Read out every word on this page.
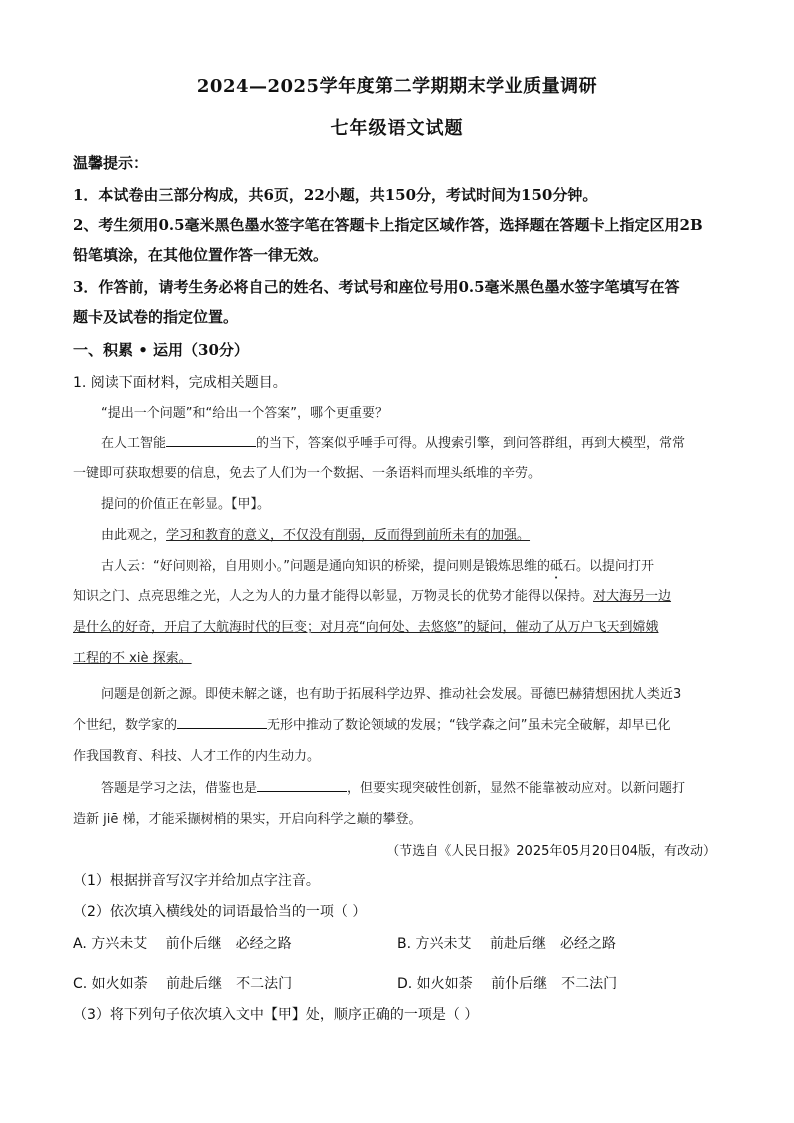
2024—2025学年度第二学期期末学业质量调研
七年级语文试题
温馨提示：
1．本试卷由三部分构成，共6页，22小题，共150分，考试时间为150分钟。
2、考生须用0.5毫米黑色墨水签字笔在答题卡上指定区域作答，选择题在答题卡上指定区用2B
铅笔填涂，在其他位置作答一律无效。
3．作答前，请考生务必将自己的姓名、考试号和座位号用0.5毫米黑色墨水签字笔填写在答
题卡及试卷的指定位置。
一、积累 • 运用（30分）
1. 阅读下面材料，完成相关题目。
“提出一个问题”和“给出一个答案”，哪个更重要？
在人工智能	的当下，答案似乎唾手可得。从搜索引擎，到问答群组，再到大模型，常常
一键即可获取想要的信息，免去了人们为一个数据、一条语料而埋头纸堆的辛劳。
提问的价值正在彰显。【甲】。
由此观之，学习和教育的意义，不仅没有削弱，反而得到前所未有的加强。
古人云：“好问则裕，自用则小。”问题是通向知识的桥梁，提问则是锻炼思维的砥石。以提问打开
知识之门、点亮思维之光，人之为人的力量才能得以彰显，万物灵长的优势才能得以保持。对大海另一边
是什么的好奇，开启了大航海时代的巨变；对月亮“向何处、去悠悠”的疑问，催动了从万户飞天到嫦娥
工程的不 xiè 探索。
问题是创新之源。即使未解之谜，也有助于拓展科学边界、推动社会发展。哥德巴赫猜想困扰人类近3
个世纪，数学家的	无形中推动了数论领域的发展；“钱学森之问”虽未完全破解，却早已化
作我国教育、科技、人才工作的内生动力。
答题是学习之法，借鉴也是	，但要实现突破性创新，显然不能靠被动应对。以新问题打
造新 jiē 梯，才能采撷树梢的果实，开启向科学之巅的攀登。
（节选自《人民日报》2025年05月20日04版，有改动）
（1）根据拼音写汉字并给加点字注音。
（2）依次填入横线处的词语最恰当的一项（ ）
A. 方兴未艾　 前仆后继　必经之路	B. 方兴未艾　 前赴后继　必经之路
C. 如火如荼　 前赴后继　不二法门	D. 如火如荼　 前仆后继　不二法门
（3）将下列句子依次填入文中【甲】处，顺序正确的一项是（ ）
